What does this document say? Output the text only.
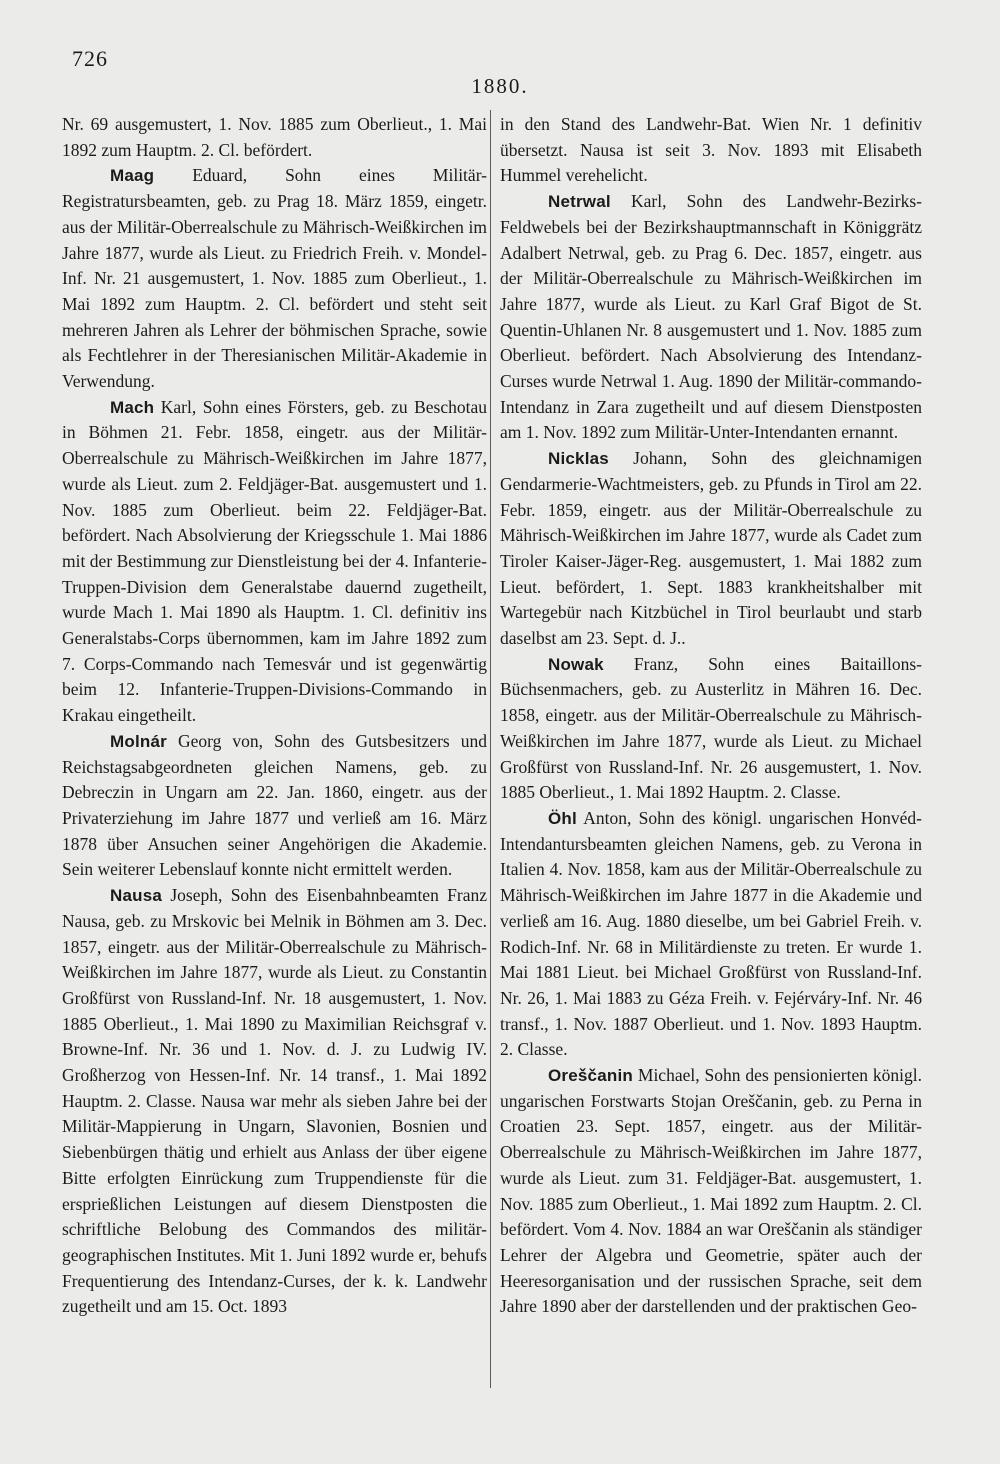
726
1880.

Nr. 69 ausgemustert, 1. Nov. 1885 zum Oberlieut., 1. Mai 1892 zum Hauptm. 2. Cl. befördert.

Maag Eduard, Sohn eines Militär-Registratursbeamten, geb. zu Prag 18. März 1859, eingetr. aus der Militär-Oberrealschule zu Mährisch-Weißkirchen im Jahre 1877, wurde als Lieut. zu Friedrich Freih. v. Mondel-Inf. Nr. 21 ausgemustert, 1. Nov. 1885 zum Oberlieut., 1. Mai 1892 zum Hauptm. 2. Cl. befördert und steht seit mehreren Jahren als Lehrer der böhmischen Sprache, sowie als Fechtlehrer in der Theresianischen Militär-Akademie in Verwendung.

Mach Karl, Sohn eines Försters, geb. zu Beschotau in Böhmen 21. Febr. 1858, eingetr. aus der Militär-Oberrealschule zu Mährisch-Weißkirchen im Jahre 1877, wurde als Lieut. zum 2. Feldjäger-Bat. ausgemustert und 1. Nov. 1885 zum Oberlieut. beim 22. Feldjäger-Bat. befördert. Nach Absolvierung der Kriegsschule 1. Mai 1886 mit der Bestimmung zur Dienstleistung bei der 4. Infanterie-Truppen-Division dem Generalstabe dauernd zugetheilt, wurde Mach 1. Mai 1890 als Hauptm. 1. Cl. definitiv ins Generalstabs-Corps übernommen, kam im Jahre 1892 zum 7. Corps-Commando nach Temesvár und ist gegenwärtig beim 12. Infanterie-Truppen-Divisions-Commando in Krakau eingetheilt.

Molnár Georg von, Sohn des Gutsbesitzers und Reichstagsabgeordneten gleichen Namens, geb. zu Debreczin in Ungarn am 22. Jan. 1860, eingetr. aus der Privaterziehung im Jahre 1877 und verließ am 16. März 1878 über Ansuchen seiner Angehörigen die Akademie. Sein weiterer Lebenslauf konnte nicht ermittelt werden.

Nausa Joseph, Sohn des Eisenbahnbeamten Franz Nausa, geb. zu Mrskovic bei Melnik in Böhmen am 3. Dec. 1857, eingetr. aus der Militär-Oberrealschule zu Mährisch-Weißkirchen im Jahre 1877, wurde als Lieut. zu Constantin Großfürst von Russland-Inf. Nr. 18 ausgemustert, 1. Nov. 1885 Oberlieut., 1. Mai 1890 zu Maximilian Reichsgraf v. Browne-Inf. Nr. 36 und 1. Nov. d. J. zu Ludwig IV. Großherzog von Hessen-Inf. Nr. 14 transf., 1. Mai 1892 Hauptm. 2. Classe. Nausa war mehr als sieben Jahre bei der Militär-Mappierung in Ungarn, Slavonien, Bosnien und Siebenbürgen thätig und erhielt aus Anlass der über eigene Bitte erfolgten Einrückung zum Truppendienste für die ersprießlichen Leistungen auf diesem Dienstposten die schriftliche Belobung des Commandos des militär-geographischen Institutes. Mit 1. Juni 1892 wurde er, behufs Frequentierung des Intendanz-Curses, der k. k. Landwehr zugetheilt und am 15. Oct. 1893

in den Stand des Landwehr-Bat. Wien Nr. 1 definitiv übersetzt. Nausa ist seit 3. Nov. 1893 mit Elisabeth Hummel verehelicht.

Netrwal Karl, Sohn des Landwehr-Bezirks-Feldwebels bei der Bezirkshauptmannschaft in Königgrätz Adalbert Netrwal, geb. zu Prag 6. Dec. 1857, eingetr. aus der Militär-Oberrealschule zu Mährisch-Weißkirchen im Jahre 1877, wurde als Lieut. zu Karl Graf Bigot de St. Quentin-Uhlanen Nr. 8 ausgemustert und 1. Nov. 1885 zum Oberlieut. befördert. Nach Absolvierung des Intendanz-Curses wurde Netrwal 1. Aug. 1890 der Militär-commando-Intendanz in Zara zugetheilt und auf diesem Dienstposten am 1. Nov. 1892 zum Militär-Unter-Intendanten ernannt.

Nicklas Johann, Sohn des gleichnamigen Gendarmerie-Wachtmeisters, geb. zu Pfunds in Tirol am 22. Febr. 1859, eingetr. aus der Militär-Oberrealschule zu Mährisch-Weißkirchen im Jahre 1877, wurde als Cadet zum Tiroler Kaiser-Jäger-Reg. ausgemustert, 1. Mai 1882 zum Lieut. befördert, 1. Sept. 1883 krankheitshalber mit Wartegebür nach Kitzbüchel in Tirol beurlaubt und starb daselbst am 23. Sept. d. J..

Nowak Franz, Sohn eines Baitaillons-Büchsenmachers, geb. zu Austerlitz in Mähren 16. Dec. 1858, eingetr. aus der Militär-Oberrealschule zu Mährisch-Weißkirchen im Jahre 1877, wurde als Lieut. zu Michael Großfürst von Russland-Inf. Nr. 26 ausgemustert, 1. Nov. 1885 Oberlieut., 1. Mai 1892 Hauptm. 2. Classe.

Öhl Anton, Sohn des königl. ungarischen Honvéd-Intendantursbeamten gleichen Namens, geb. zu Verona in Italien 4. Nov. 1858, kam aus der Militär-Oberrealschule zu Mährisch-Weißkirchen im Jahre 1877 in die Akademie und verließ am 16. Aug. 1880 dieselbe, um bei Gabriel Freih. v. Rodich-Inf. Nr. 68 in Militärdienste zu treten. Er wurde 1. Mai 1881 Lieut. bei Michael Großfürst von Russland-Inf. Nr. 26, 1. Mai 1883 zu Géza Freih. v. Fejérváry-Inf. Nr. 46 transf., 1. Nov. 1887 Oberlieut. und 1. Nov. 1893 Hauptm. 2. Classe.

Oreščanin Michael, Sohn des pensionierten königl. ungarischen Forstwarts Stojan Oreščanin, geb. zu Perna in Croatien 23. Sept. 1857, eingetr. aus der Militär-Oberrealschule zu Mährisch-Weißkirchen im Jahre 1877, wurde als Lieut. zum 31. Feldjäger-Bat. ausgemustert, 1. Nov. 1885 zum Oberlieut., 1. Mai 1892 zum Hauptm. 2. Cl. befördert. Vom 4. Nov. 1884 an war Oreščanin als ständiger Lehrer der Algebra und Geometrie, später auch der Heeresorganisation und der russischen Sprache, seit dem Jahre 1890 aber der darstellenden und der praktischen Geo-
